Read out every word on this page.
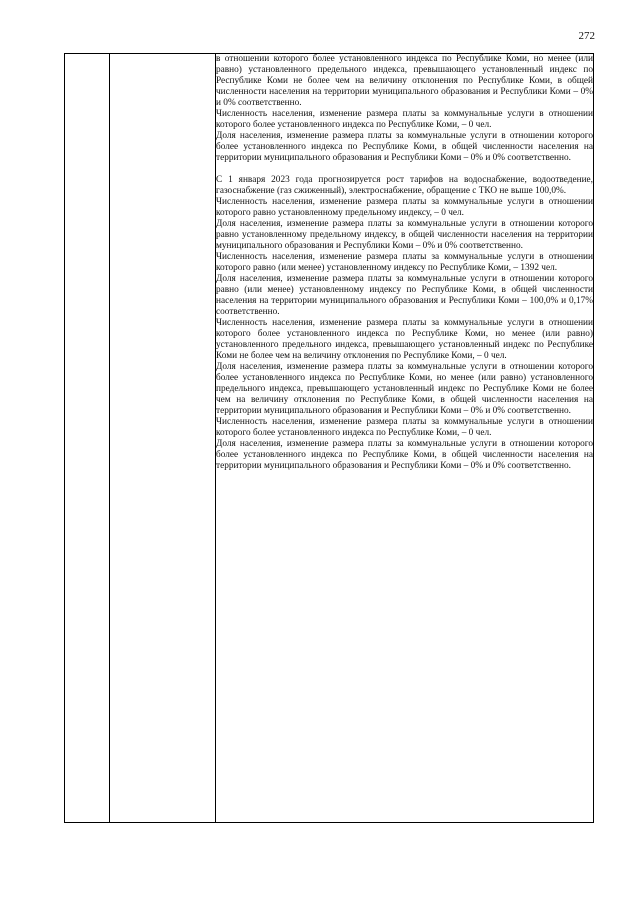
272

в отношении которого более установленного индекса по Республике Коми, но менее (или равно) установленного предельного индекса, превышающего установленный индекс по Республике Коми не более чем на величину отклонения по Республике Коми, в общей численности населения на территории муниципального образования и Республики Коми – 0% и 0% соответственно.

Численность населения, изменение размера платы за коммунальные услуги в отношении которого более установленного индекса по Республике Коми, – 0 чел.

Доля населения, изменение размера платы за коммунальные услуги в отношении которого более установленного индекса по Республике Коми, в общей численности населения на территории муниципального образования и Республики Коми – 0% и 0% соответственно.

С 1 января 2023 года прогнозируется рост тарифов на водоснабжение, водоотведение, газоснабжение (газ сжиженный), электроснабжение, обращение с ТКО не выше 100,0%.

Численность населения, изменение размера платы за коммунальные услуги в отношении которого равно установленному предельному индексу, – 0 чел.

Доля населения, изменение размера платы за коммунальные услуги в отношении которого равно установленному предельному индексу, в общей численности населения на территории муниципального образования и Республики Коми – 0% и 0% соответственно.

Численность населения, изменение размера платы за коммунальные услуги в отношении которого равно (или менее) установленному индексу по Республике Коми, – 1392 чел.

Доля населения, изменение размера платы за коммунальные услуги в отношении которого равно (или менее) установленному индексу по Республике Коми, в общей численности населения на территории муниципального образования и Республики Коми – 100,0% и 0,17% соответственно.

Численность населения, изменение размера платы за коммунальные услуги в отношении которого более установленного индекса по Республике Коми, но менее (или равно) установленного предельного индекса, превышающего установленный индекс по Республике Коми не более чем на величину отклонения по Республике Коми, – 0 чел.

Доля населения, изменение размера платы за коммунальные услуги в отношении которого более установленного индекса по Республике Коми, но менее (или равно) установленного предельного индекса, превышающего установленный индекс по Республике Коми не более чем на величину отклонения по Республике Коми, в общей численности населения на территории муниципального образования и Республики Коми – 0% и 0% соответственно.

Численность населения, изменение размера платы за коммунальные услуги в отношении которого более установленного индекса по Республике Коми, – 0 чел.

Доля населения, изменение размера платы за коммунальные услуги в отношении которого более установленного индекса по Республике Коми, в общей численности населения на территории муниципального образования и Республики Коми – 0% и 0% соответственно.
